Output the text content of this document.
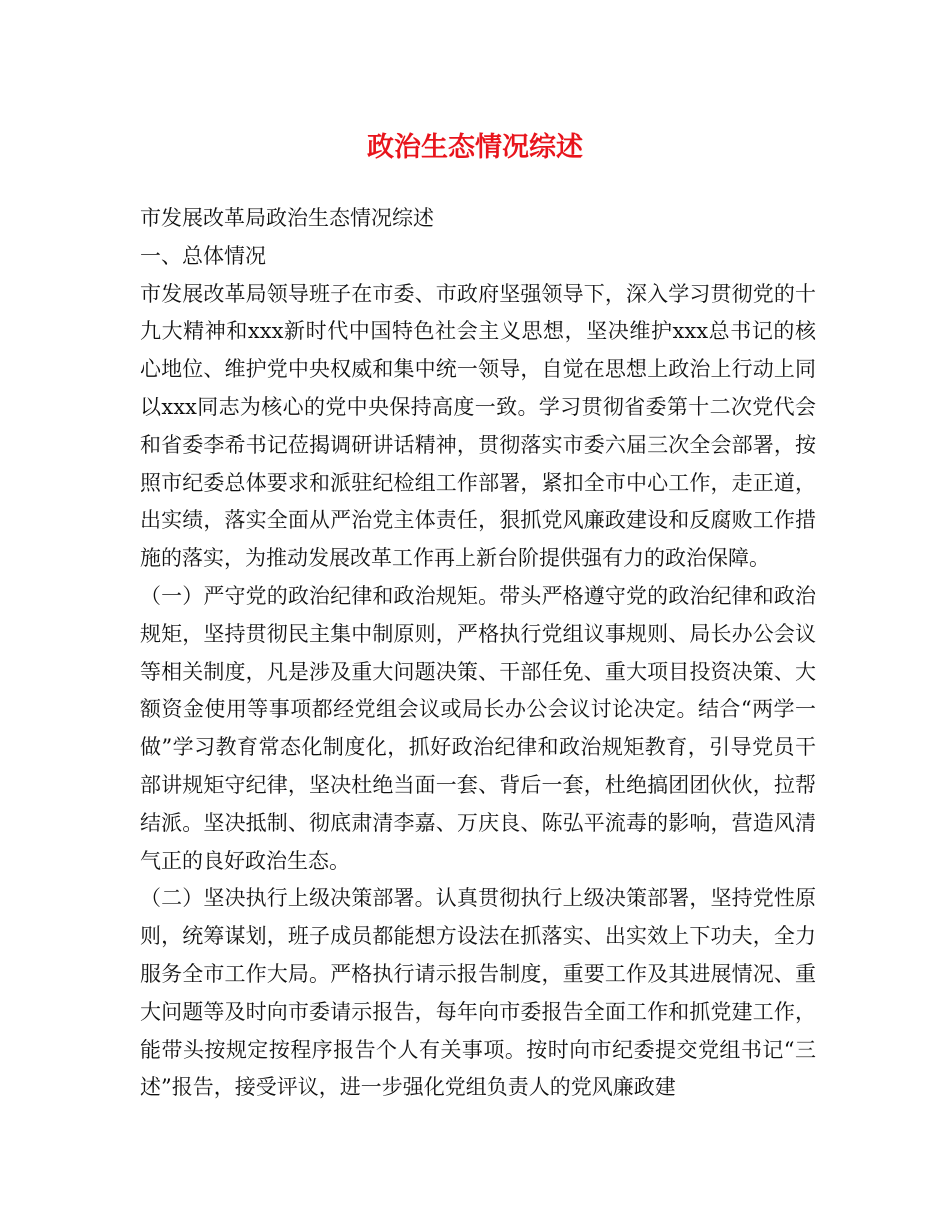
政治生态情况综述

市发展改革局政治生态情况综述

一、总体情况

市发展改革局领导班子在市委、市政府坚强领导下，深入学习贯彻党的十九大精神和xxx新时代中国特色社会主义思想，坚决维护xxx总书记的核心地位、维护党中央权威和集中统一领导，自觉在思想上政治上行动上同以xxx同志为核心的党中央保持高度一致。学习贯彻省委第十二次党代会和省委李希书记莅揭调研讲话精神，贯彻落实市委六届三次全会部署，按照市纪委总体要求和派驻纪检组工作部署，紧扣全市中心工作，走正道，出实绩，落实全面从严治党主体责任，狠抓党风廉政建设和反腐败工作措施的落实，为推动发展改革工作再上新台阶提供强有力的政治保障。

（一）严守党的政治纪律和政治规矩。带头严格遵守党的政治纪律和政治规矩，坚持贯彻民主集中制原则，严格执行党组议事规则、局长办公会议等相关制度，凡是涉及重大问题决策、干部任免、重大项目投资决策、大额资金使用等事项都经党组会议或局长办公会议讨论决定。结合“两学一做”学习教育常态化制度化，抓好政治纪律和政治规矩教育，引导党员干部讲规矩守纪律，坚决杜绝当面一套、背后一套，杜绝搞团团伙伙，拉帮结派。坚决抵制、彻底肃清李嘉、万庆良、陈弘平流毒的影响，营造风清气正的良好政治生态。

（二）坚决执行上级决策部署。认真贯彻执行上级决策部署，坚持党性原则，统筹谋划，班子成员都能想方设法在抓落实、出实效上下功夫，全力服务全市工作大局。严格执行请示报告制度，重要工作及其进展情况、重大问题等及时向市委请示报告，每年向市委报告全面工作和抓党建工作，能带头按规定按程序报告个人有关事项。按时向市纪委提交党组书记“三述”报告，接受评议，进一步强化党组负责人的党风廉政建
